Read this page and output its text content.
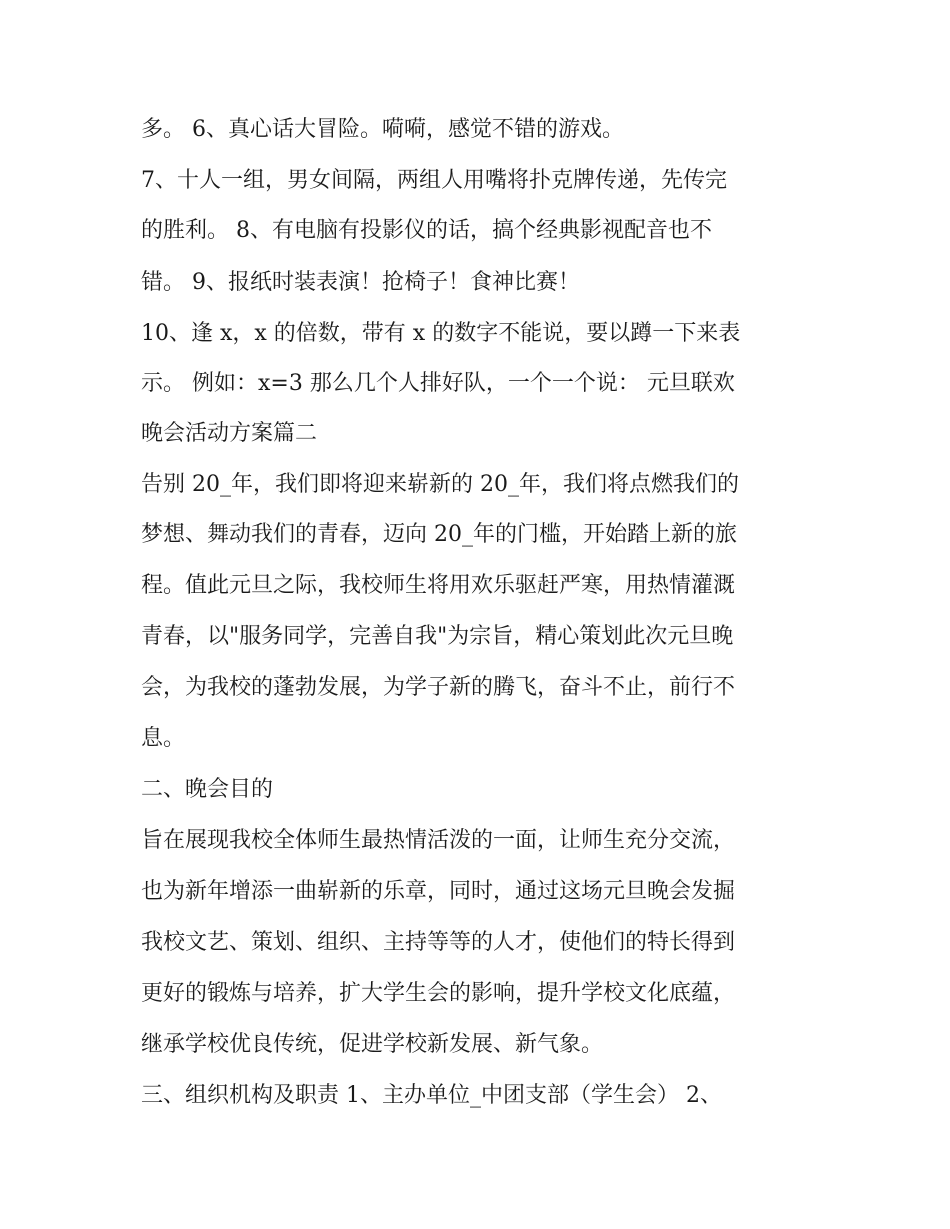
多。 6、真心话大冒险。嗬嗬，感觉不错的游戏。
7、十人一组，男女间隔，两组人用嘴将扑克牌传递，先传完
的胜利。 8、有电脑有投影仪的话，搞个经典影视配音也不
错。 9、报纸时装表演！抢椅子！食神比赛！
10、逢 x，x 的倍数，带有 x 的数字不能说，要以蹲一下来表
示。 例如：x=3 那么几个人排好队，一个一个说： 元旦联欢
晚会活动方案篇二
告别 20_年，我们即将迎来崭新的 20_年，我们将点燃我们的
梦想、舞动我们的青春，迈向 20_年的门槛，开始踏上新的旅
程。值此元旦之际，我校师生将用欢乐驱赶严寒，用热情灌溉
青春，以"服务同学，完善自我"为宗旨，精心策划此次元旦晚
会，为我校的蓬勃发展，为学子新的腾飞，奋斗不止，前行不
息。
二、晚会目的
旨在展现我校全体师生最热情活泼的一面，让师生充分交流，
也为新年增添一曲崭新的乐章，同时，通过这场元旦晚会发掘
我校文艺、策划、组织、主持等等的人才，使他们的特长得到
更好的锻炼与培养，扩大学生会的影响，提升学校文化底蕴，
继承学校优良传统，促进学校新发展、新气象。
三、组织机构及职责 1、主办单位_中团支部（学生会） 2、
